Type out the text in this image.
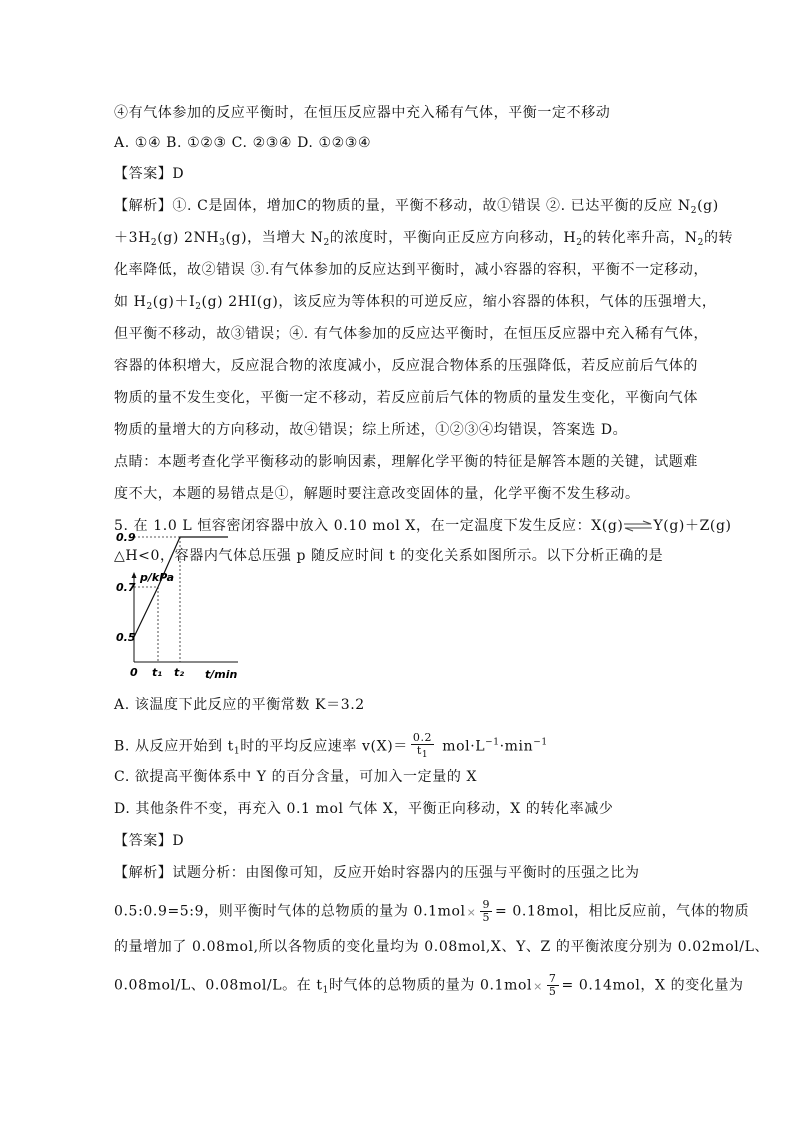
④有气体参加的反应平衡时，在恒压反应器中充入稀有气体，平衡一定不移动
A. ①④ B. ①②③ C. ②③④ D. ①②③④
【答案】D
【解析】①. C是固体，增加C的物质的量，平衡不移动，故①错误 ②. 已达平衡的反应 $N_2(g)$
$+3H_2(g)$ $2NH_3(g)$，当增大 $N_2$的浓度时，平衡向正反应方向移动，$H_2$的转化率升高，$N_2$的转
化率降低，故②错误 ③.有气体参加的反应达到平衡时，减小容器的容积，平衡不一定移动，
如 $H_2(g)+I_2(g)$ 2HI(g)，该反应为等体积的可逆反应，缩小容器的体积，气体的压强增大，
但平衡不移动，故③错误；④. 有气体参加的反应达平衡时，在恒压反应器中充入稀有气体，
容器的体积增大，反应混合物的浓度减小，反应混合物体系的压强降低，若反应前后气体的
物质的量不发生变化，平衡一定不移动，若反应前后气体的物质的量发生变化，平衡向气体
物质的量增大的方向移动，故④错误；综上所述，①②③④均错误，答案选 D。
点睛：本题考查化学平衡移动的影响因素，理解化学平衡的特征是解答本题的关键，试题难
度不大，本题的易错点是①，解题时要注意改变固体的量，化学平衡不发生移动。
5. 在 1.0 L 恒容密闭容器中放入 0.10 mol X，在一定温度下发生反应：X(g)⇌Y(g)＋Z(g)
△H<0，容器内气体总压强 p 随反应时间 t 的变化关系如图所示。以下分析正确的是
p/kPa
t/min
0.9
0.7
0.5
0 t₁ t₂
A. 该温度下此反应的平衡常数 K＝3.2
B. 从反应开始到 $t_1$时的平均反应速率 $v(X)= \frac{0.2}{t_1} mol\cdot L^{-1}\cdot\min^{-1}$
C. 欲提高平衡体系中 Y 的百分含量，可加入一定量的 X
D. 其他条件不变，再充入 0.1 mol 气体 X，平衡正向移动，X 的转化率减少
【答案】D
【解析】试题分析：由图像可知，反应开始时容器内的压强与平衡时的压强之比为
0.5:0.9=5:9，则平衡时气体的总物质的量为 $0.1mol\times \frac{9}{5} = 0.18mol$，相比反应前，气体的物质
的量增加了 0.08mol,所以各物质的变化量均为 0.08mol,X、Y、Z 的平衡浓度分别为 0.02mol/L、
0.08mol/L、0.08mol/L。在 $t_1$时气体的总物质的量为 $0.1mol\times \frac{7}{5} = 0.14mol$，X 的变化量为
